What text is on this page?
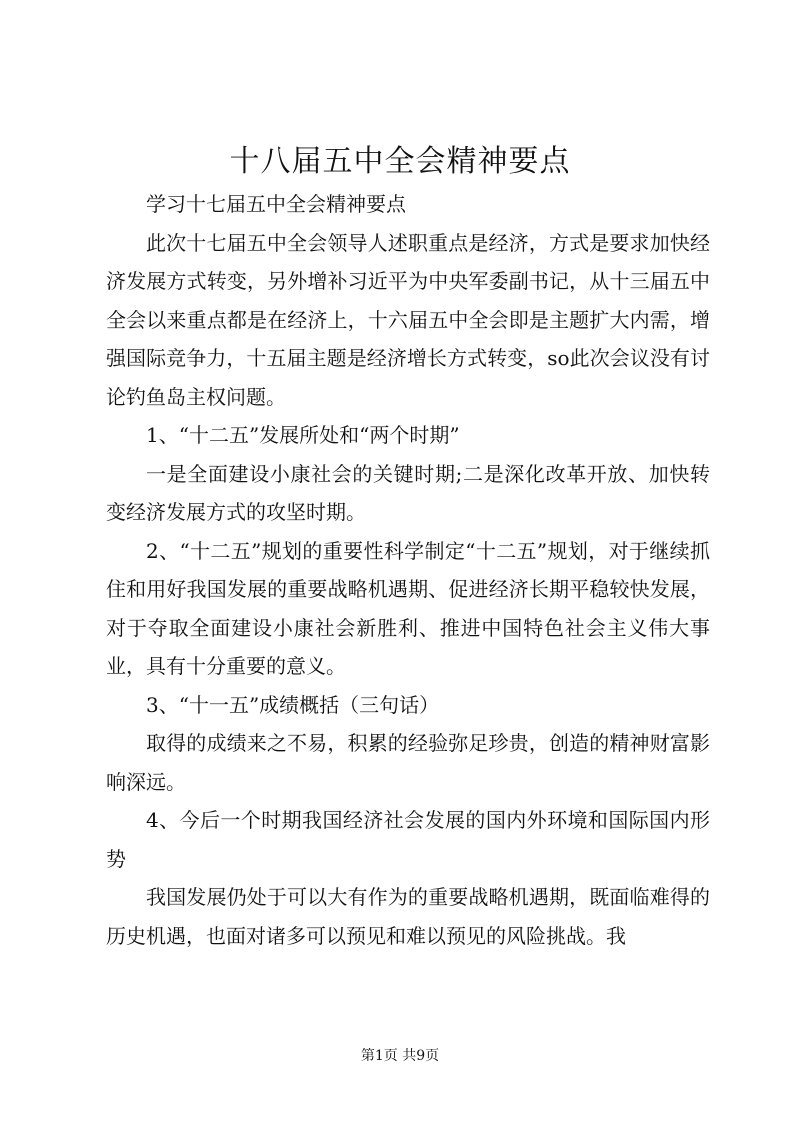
十八届五中全会精神要点

学习十七届五中全会精神要点

此次十七届五中全会领导人述职重点是经济，方式是要求加快经济发展方式转变，另外增补习近平为中央军委副书记，从十三届五中全会以来重点都是在经济上，十六届五中全会即是主题扩大内需，增强国际竞争力，十五届主题是经济增长方式转变，so此次会议没有讨论钓鱼岛主权问题。

1、“十二五”发展所处和“两个时期”

一是全面建设小康社会的关键时期;二是深化改革开放、加快转变经济发展方式的攻坚时期。

2、“十二五”规划的重要性科学制定“十二五”规划，对于继续抓住和用好我国发展的重要战略机遇期、促进经济长期平稳较快发展，对于夺取全面建设小康社会新胜利、推进中国特色社会主义伟大事业，具有十分重要的意义。

3、“十一五”成绩概括（三句话）

取得的成绩来之不易，积累的经验弥足珍贵，创造的精神财富影响深远。

4、今后一个时期我国经济社会发展的国内外环境和国际国内形势

我国发展仍处于可以大有作为的重要战略机遇期，既面临难得的历史机遇，也面对诸多可以预见和难以预见的风险挑战。我

第1页 共9页
